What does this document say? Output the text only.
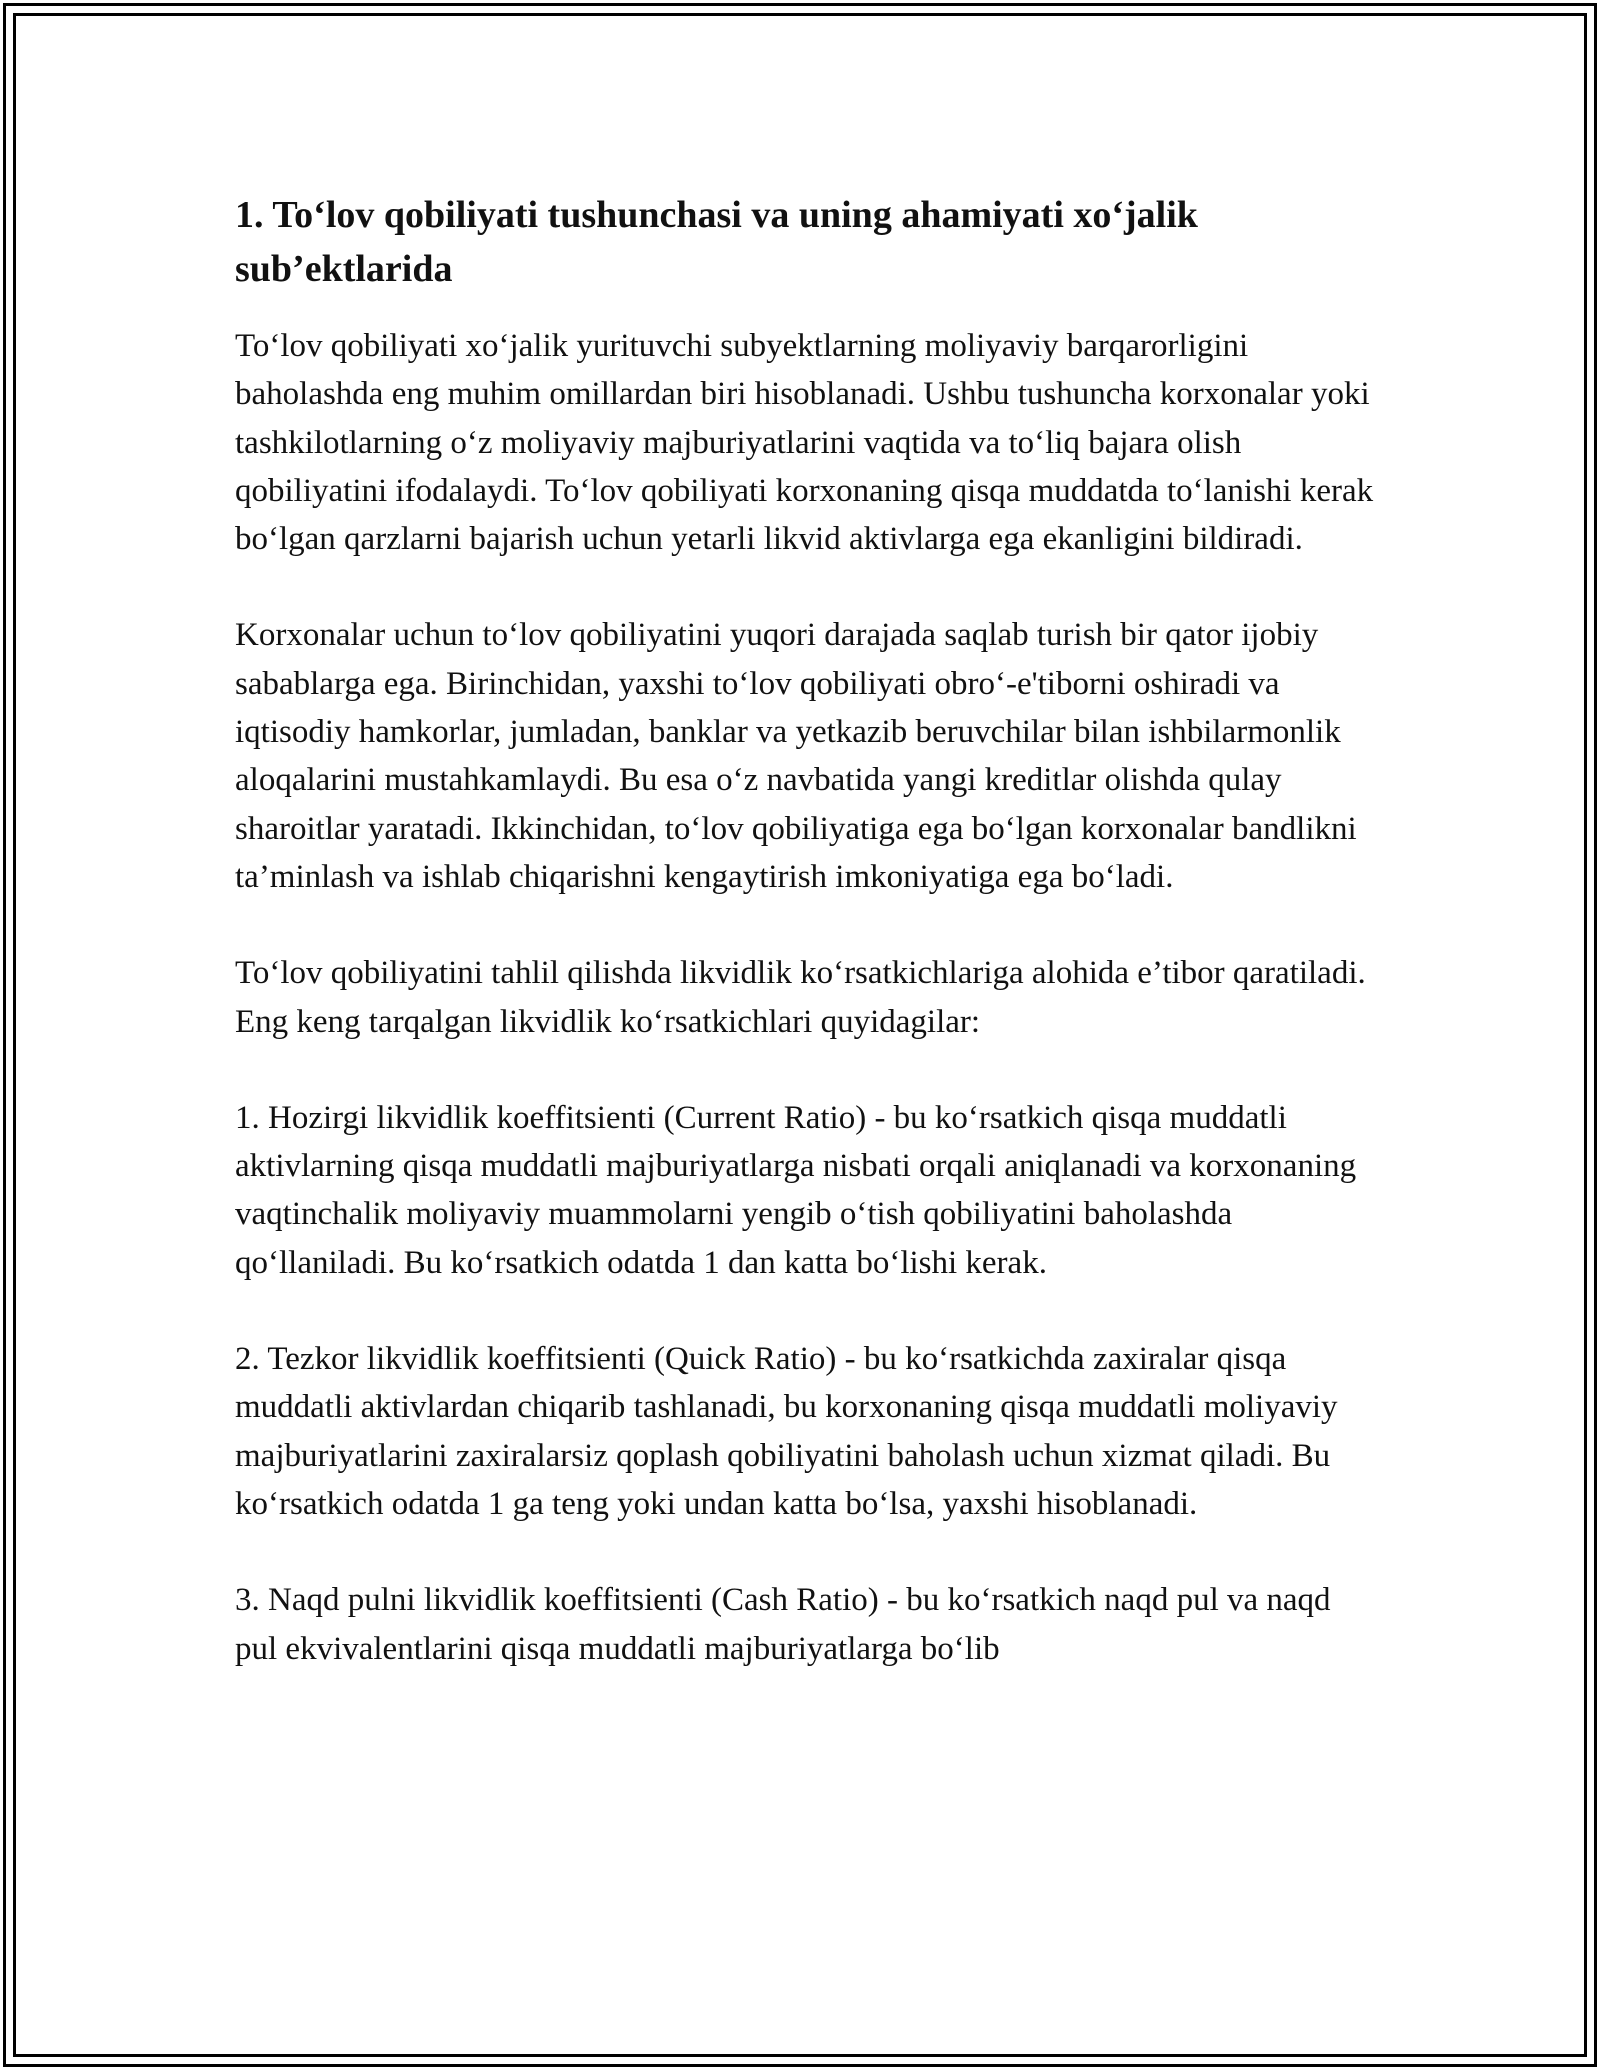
1. To‘lov qobiliyati tushunchasi va uning ahamiyati xo‘jalik sub’ektlarida

To‘lov qobiliyati xo‘jalik yurituvchi subyektlarning moliyaviy barqarorligini baholashda eng muhim omillardan biri hisoblanadi. Ushbu tushuncha korxonalar yoki tashkilotlarning o‘z moliyaviy majburiyatlarini vaqtida va to‘liq bajara olish qobiliyatini ifodalaydi. To‘lov qobiliyati korxonaning qisqa muddatda to‘lanishi kerak bo‘lgan qarzlarni bajarish uchun yetarli likvid aktivlarga ega ekanligini bildiradi.

Korxonalar uchun to‘lov qobiliyatini yuqori darajada saqlab turish bir qator ijobiy sabablarga ega. Birinchidan, yaxshi to‘lov qobiliyati obro‘-e'tiborni oshiradi va iqtisodiy hamkorlar, jumladan, banklar va yetkazib beruvchilar bilan ishbilarmonlik aloqalarini mustahkamlaydi. Bu esa o‘z navbatida yangi kreditlar olishda qulay sharoitlar yaratadi. Ikkinchidan, to‘lov qobiliyatiga ega bo‘lgan korxonalar bandlikni ta’minlash va ishlab chiqarishni kengaytirish imkoniyatiga ega bo‘ladi.

To‘lov qobiliyatini tahlil qilishda likvidlik ko‘rsatkichlariga alohida e’tibor qaratiladi. Eng keng tarqalgan likvidlik ko‘rsatkichlari quyidagilar:

1. Hozirgi likvidlik koeffitsienti (Current Ratio) - bu ko‘rsatkich qisqa muddatli aktivlarning qisqa muddatli majburiyatlarga nisbati orqali aniqlanadi va korxonaning vaqtinchalik moliyaviy muammolarni yengib o‘tish qobiliyatini baholashda qo‘llaniladi. Bu ko‘rsatkich odatda 1 dan katta bo‘lishi kerak.

2. Tezkor likvidlik koeffitsienti (Quick Ratio) - bu ko‘rsatkichda zaxiralar qisqa muddatli aktivlardan chiqarib tashlanadi, bu korxonaning qisqa muddatli moliyaviy majburiyatlarini zaxiralarsiz qoplash qobiliyatini baholash uchun xizmat qiladi. Bu ko‘rsatkich odatda 1 ga teng yoki undan katta bo‘lsa, yaxshi hisoblanadi.

3. Naqd pulni likvidlik koeffitsienti (Cash Ratio) - bu ko‘rsatkich naqd pul va naqd pul ekvivalentlarini qisqa muddatli majburiyatlarga bo‘lib
